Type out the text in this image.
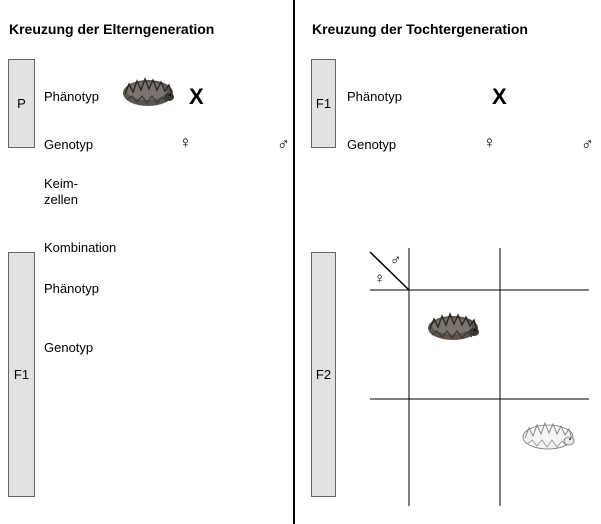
Kreuzung der Elterngeneration
P Phänotyp	X
Genotyp	♀	♂
Keim-
zellen
Kombination
F1
Phänotyp
Genotyp
Kreuzung der Tochtergeneration
F1 Phänotyp	X
Genotyp	♀	♂
F2
♂
♀
